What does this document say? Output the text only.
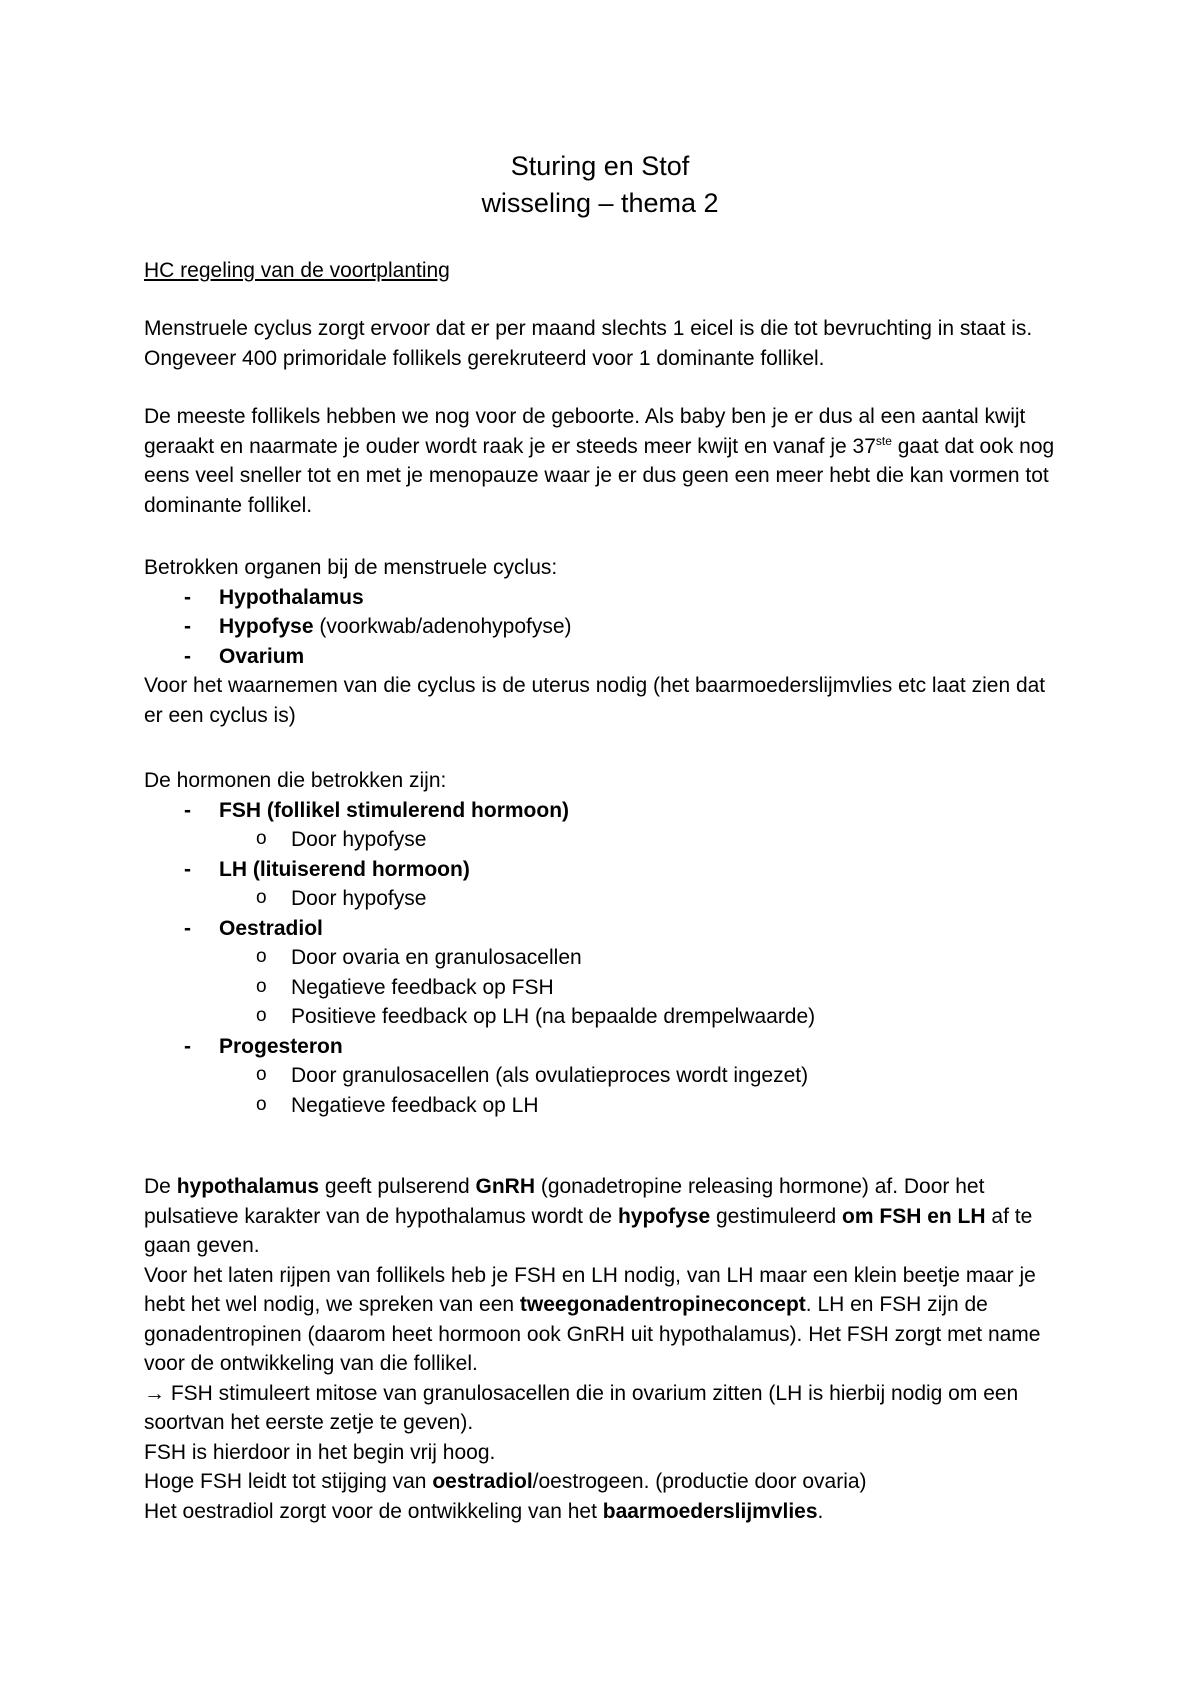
Sturing en Stof
wisseling – thema 2
HC regeling van de voortplanting

Menstruele cyclus zorgt ervoor dat er per maand slechts 1 eicel is die tot bevruchting in staat is. Ongeveer 400 primoridale follikels gerekruteerd voor 1 dominante follikel.

De meeste follikels hebben we nog voor de geboorte. Als baby ben je er dus al een aantal kwijt geraakt en naarmate je ouder wordt raak je er steeds meer kwijt en vanaf je 37ste gaat dat ook nog eens veel sneller tot en met je menopauze waar je er dus geen een meer hebt die kan vormen tot dominante follikel.

Betrokken organen bij de menstruele cyclus:
- Hypothalamus
- Hypofyse (voorkwab/adenohypofyse)
- Ovarium
Voor het waarnemen van die cyclus is de uterus nodig (het baarmoederslijmvlies etc laat zien dat er een cyclus is)
De hormonen die betrokken zijn:
- FSH (follikel stimulerend hormoon)
o Door hypofyse
- LH (lituiserend hormoon)
o Door hypofyse
- Oestradiol
o Door ovaria en granulosacellen
o Negatieve feedback op FSH
o Positieve feedback op LH (na bepaalde drempelwaarde)
- Progesteron
o Door granulosacellen (als ovulatieproces wordt ingezet)
o Negatieve feedback op LH
De hypothalamus geeft pulserend GnRH (gonadetropine releasing hormone) af. Door het pulsatieve karakter van de hypothalamus wordt de hypofyse gestimuleerd om FSH en LH af te gaan geven.
Voor het laten rijpen van follikels heb je FSH en LH nodig, van LH maar een klein beetje maar je hebt het wel nodig, we spreken van een tweegonadentropineconcept. LH en FSH zijn de gonadentropinen (daarom heet hormoon ook GnRH uit hypothalamus). Het FSH zorgt met name voor de ontwikkeling van die follikel.
→ FSH stimuleert mitose van granulosacellen die in ovarium zitten (LH is hierbij nodig om een soortvan het eerste zetje te geven).
FSH is hierdoor in het begin vrij hoog.
Hoge FSH leidt tot stijging van oestradiol/oestrogeen. (productie door ovaria)
Het oestradiol zorgt voor de ontwikkeling van het baarmoederslijmvlies.
